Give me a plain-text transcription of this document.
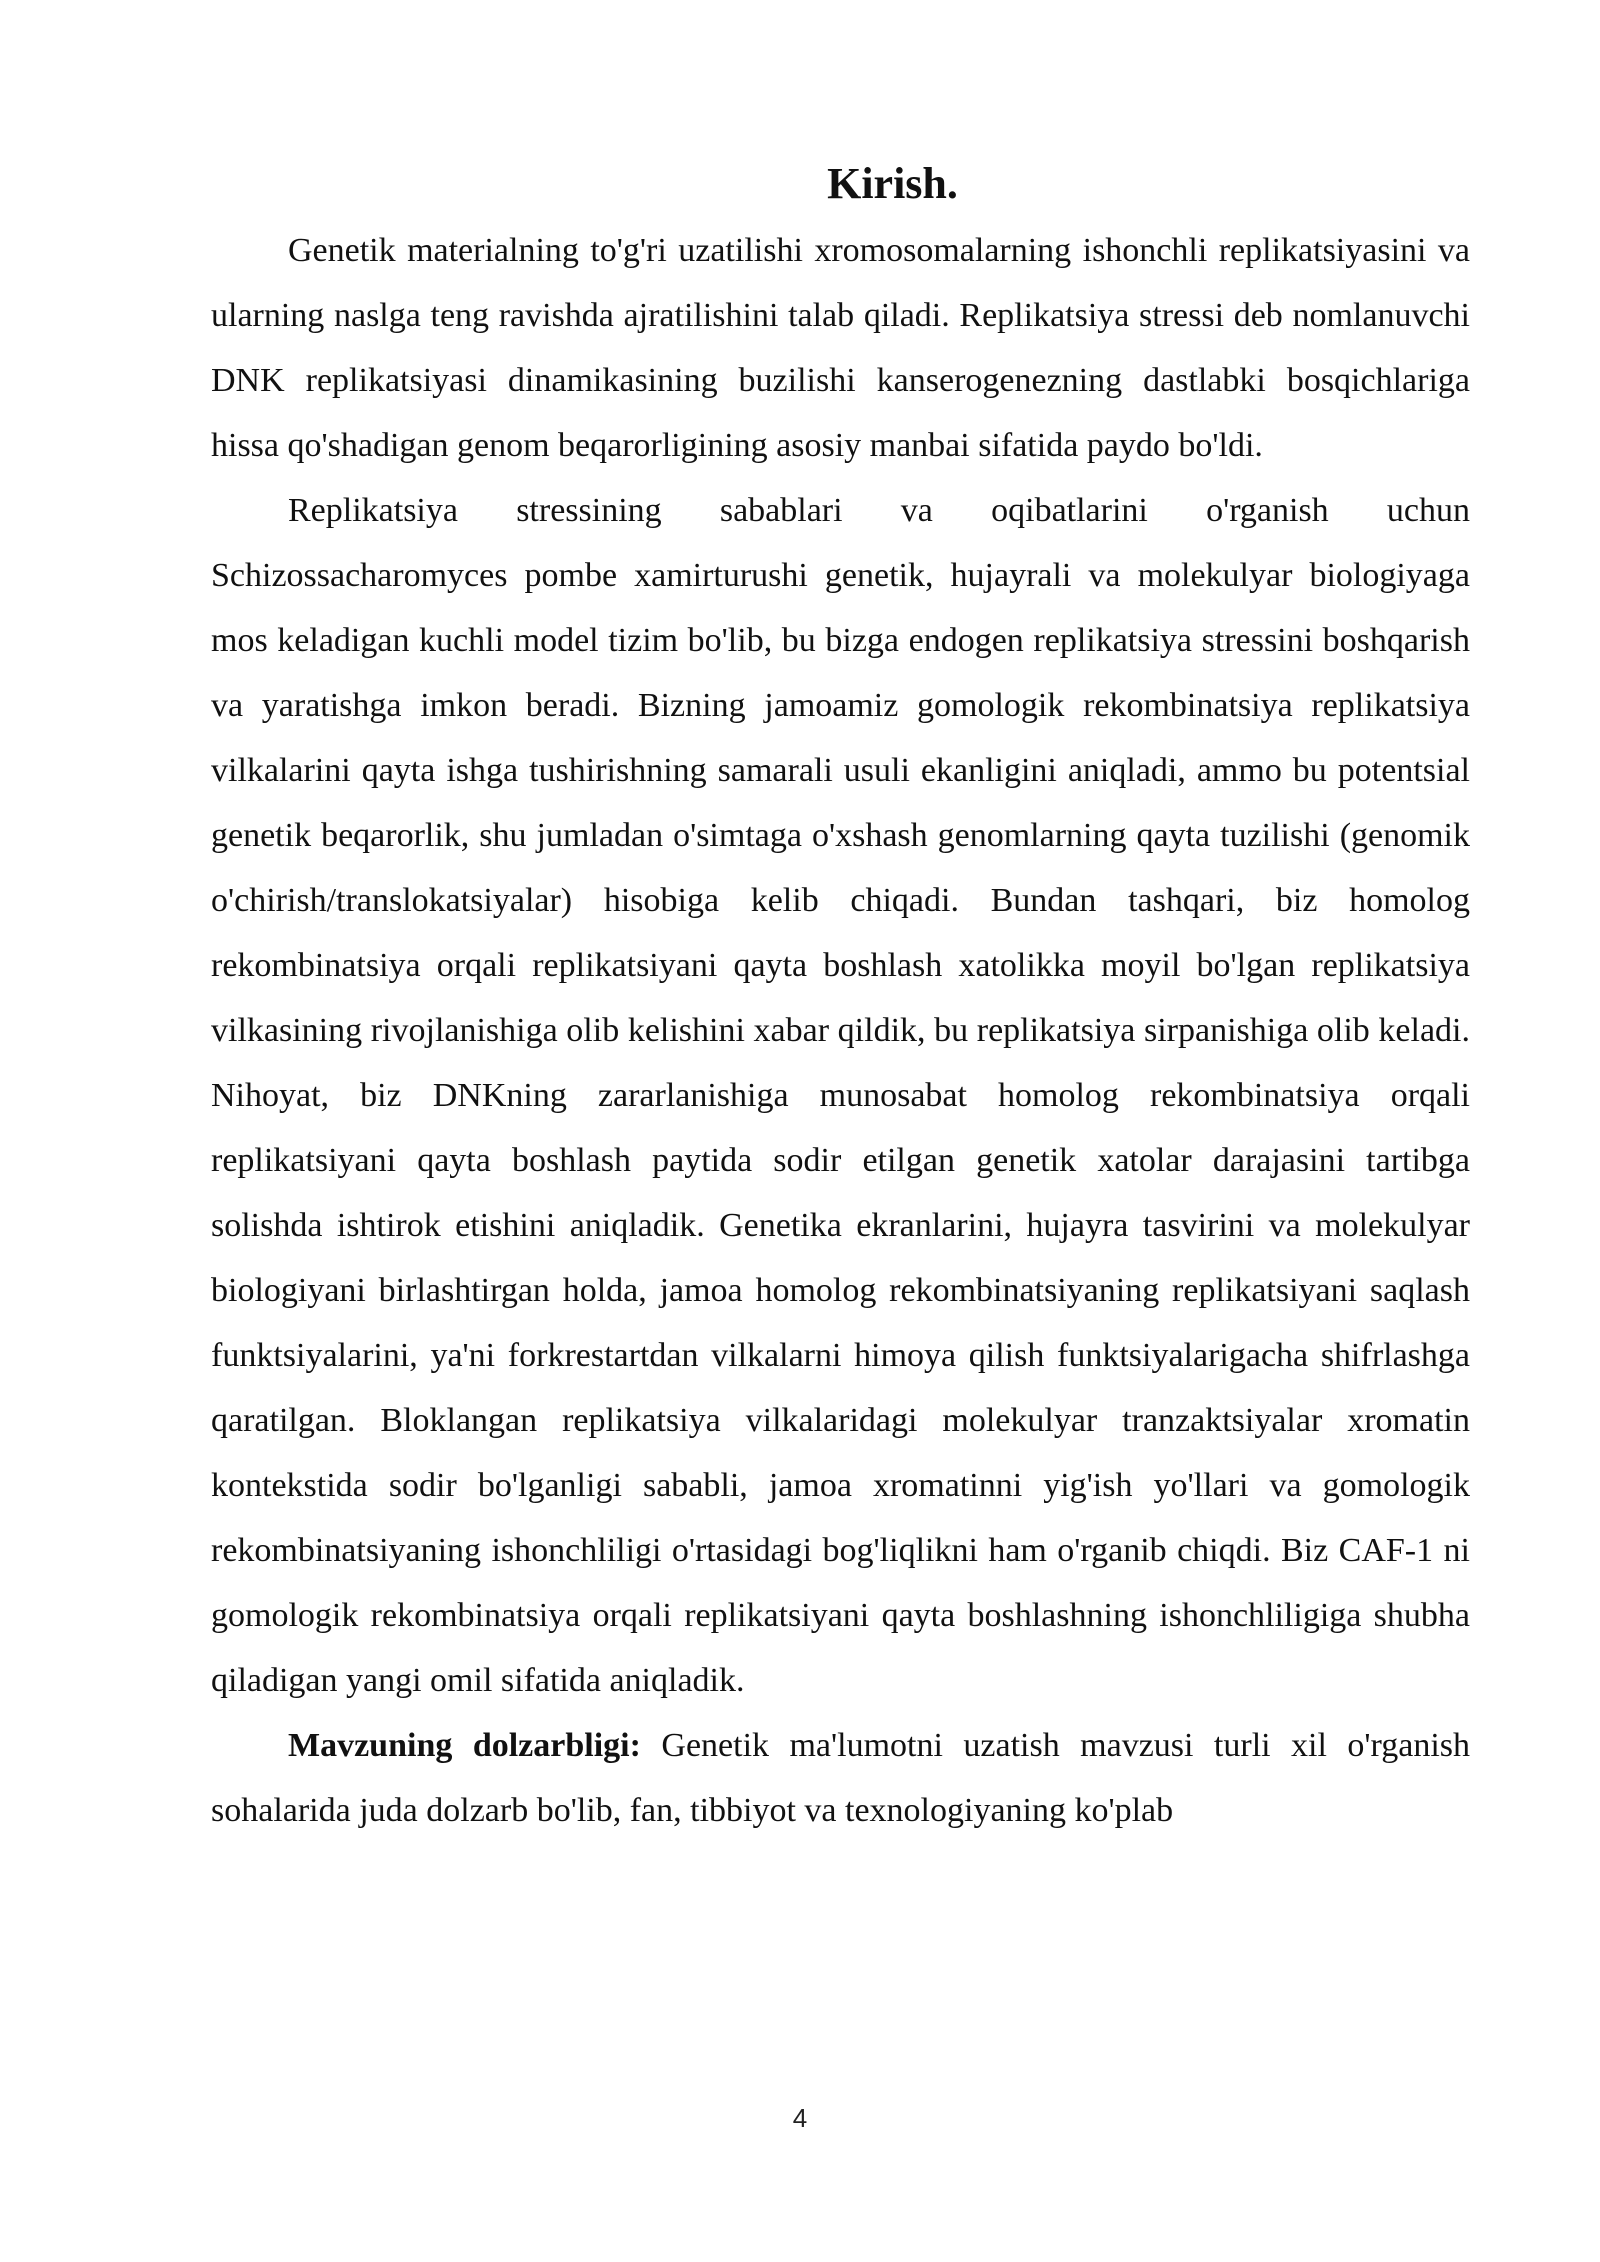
Kirish.

Genetik materialning to'g'ri uzatilishi xromosomalarning ishonchli replikatsiyasini va ularning naslga teng ravishda ajratilishini talab qiladi. Replikatsiya stressi deb nomlanuvchi DNK replikatsiyasi dinamikasining buzilishi kanserogenezning dastlabki bosqichlariga hissa qo'shadigan genom beqarorligining asosiy manbai sifatida paydo bo'ldi.

Replikatsiya stressining sabablari va oqibatlarini o'rganish uchun Schizossacharomyces pombe xamirturushi genetik, hujayrali va molekulyar biologiyaga mos keladigan kuchli model tizim bo'lib, bu bizga endogen replikatsiya stressini boshqarish va yaratishga imkon beradi. Bizning jamoamiz gomologik rekombinatsiya replikatsiya vilkalarini qayta ishga tushirishning samarali usuli ekanligini aniqladi, ammo bu potentsial genetik beqarorlik, shu jumladan o'simtaga o'xshash genomlarning qayta tuzilishi (genomik o'chirish/translokatsiyalar) hisobiga kelib chiqadi. Bundan tashqari, biz homolog rekombinatsiya orqali replikatsiyani qayta boshlash xatolikka moyil bo'lgan replikatsiya vilkasining rivojlanishiga olib kelishini xabar qildik, bu replikatsiya sirpanishiga olib keladi. Nihoyat, biz DNKning zararlanishiga munosabat homolog rekombinatsiya orqali replikatsiyani qayta boshlash paytida sodir etilgan genetik xatolar darajasini tartibga solishda ishtirok etishini aniqladik. Genetika ekranlarini, hujayra tasvirini va molekulyar biologiyani birlashtirgan holda, jamoa homolog rekombinatsiyaning replikatsiyani saqlash funktsiyalarini, ya'ni forkrestartdan vilkalarni himoya qilish funktsiyalarigacha shifrlashga qaratilgan. Bloklangan replikatsiya vilkalaridagi molekulyar tranzaktsiyalar xromatin kontekstida sodir bo'lganligi sababli, jamoa xromatinni yig'ish yo'llari va gomologik rekombinatsiyaning ishonchliligi o'rtasidagi bog'liqlikni ham o'rganib chiqdi. Biz CAF-1 ni gomologik rekombinatsiya orqali replikatsiyani qayta boshlashning ishonchliligiga shubha qiladigan yangi omil sifatida aniqladik.

Mavzuning dolzarbligi: Genetik ma'lumotni uzatish mavzusi turli xil o'rganish sohalarida juda dolzarb bo'lib, fan, tibbiyot va texnologiyaning ko'plab

4
